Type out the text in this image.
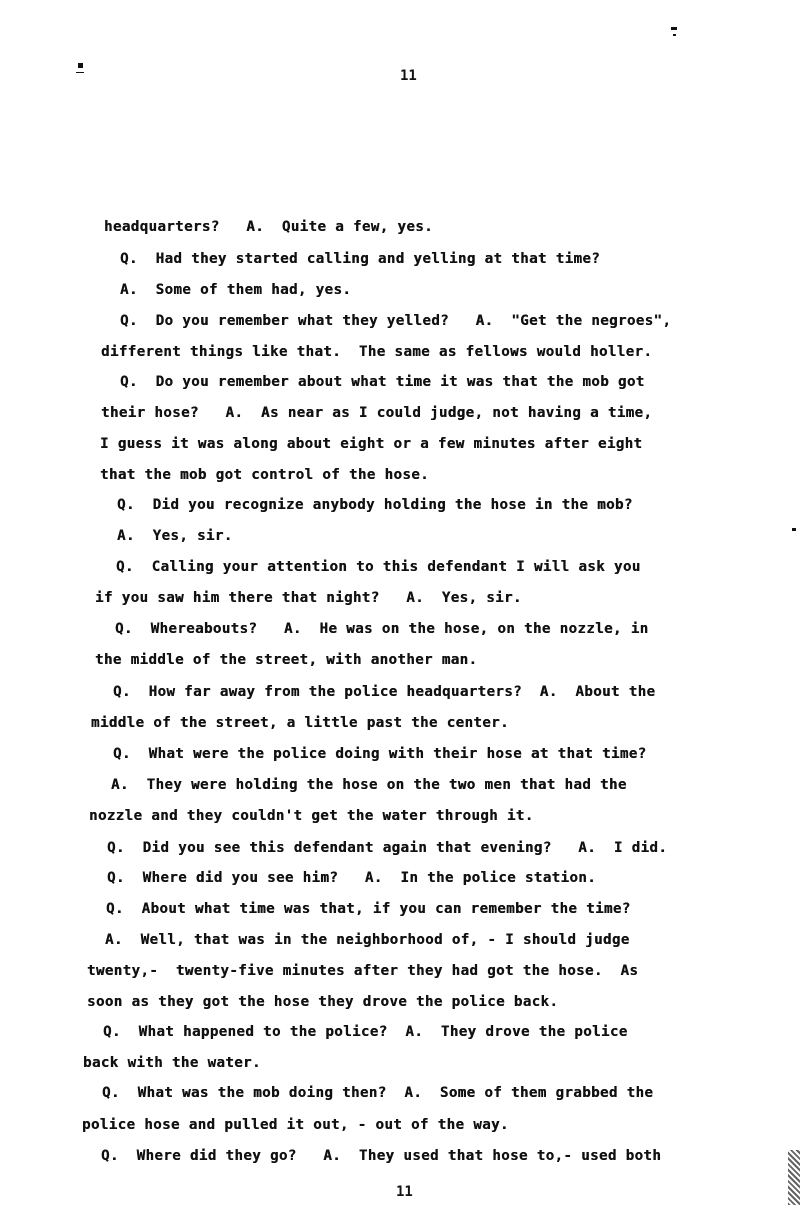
11
headquarters?   A.  Quite a few, yes.
Q.  Had they started calling and yelling at that time?
A.  Some of them had, yes.
Q.  Do you remember what they yelled?   A.  "Get the negroes",
different things like that.  The same as fellows would holler.
Q.  Do you remember about what time it was that the mob got
their hose?   A.  As near as I could judge, not having a time,
I guess it was along about eight or a few minutes after eight
that the mob got control of the hose.
Q.  Did you recognize anybody holding the hose in the mob?
A.  Yes, sir.
Q.  Calling your attention to this defendant I will ask you
if you saw him there that night?   A.  Yes, sir.
Q.  Whereabouts?   A.  He was on the hose, on the nozzle, in
the middle of the street, with another man.
Q.  How far away from the police headquarters?  A.  About the
middle of the street, a little past the center.
Q.  What were the police doing with their hose at that time?
A.  They were holding the hose on the two men that had the
nozzle and they couldn't get the water through it.
Q.  Did you see this defendant again that evening?   A.  I did.
Q.  Where did you see him?   A.  In the police station.
Q.  About what time was that, if you can remember the time?
A.  Well, that was in the neighborhood of, - I should judge
twenty,-  twenty-five minutes after they had got the hose.  As
soon as they got the hose they drove the police back.
Q.  What happened to the police?  A.  They drove the police
back with the water.
Q.  What was the mob doing then?  A.  Some of them grabbed the
police hose and pulled it out, - out of the way.
Q.  Where did they go?   A.  They used that hose to,- used both
11
